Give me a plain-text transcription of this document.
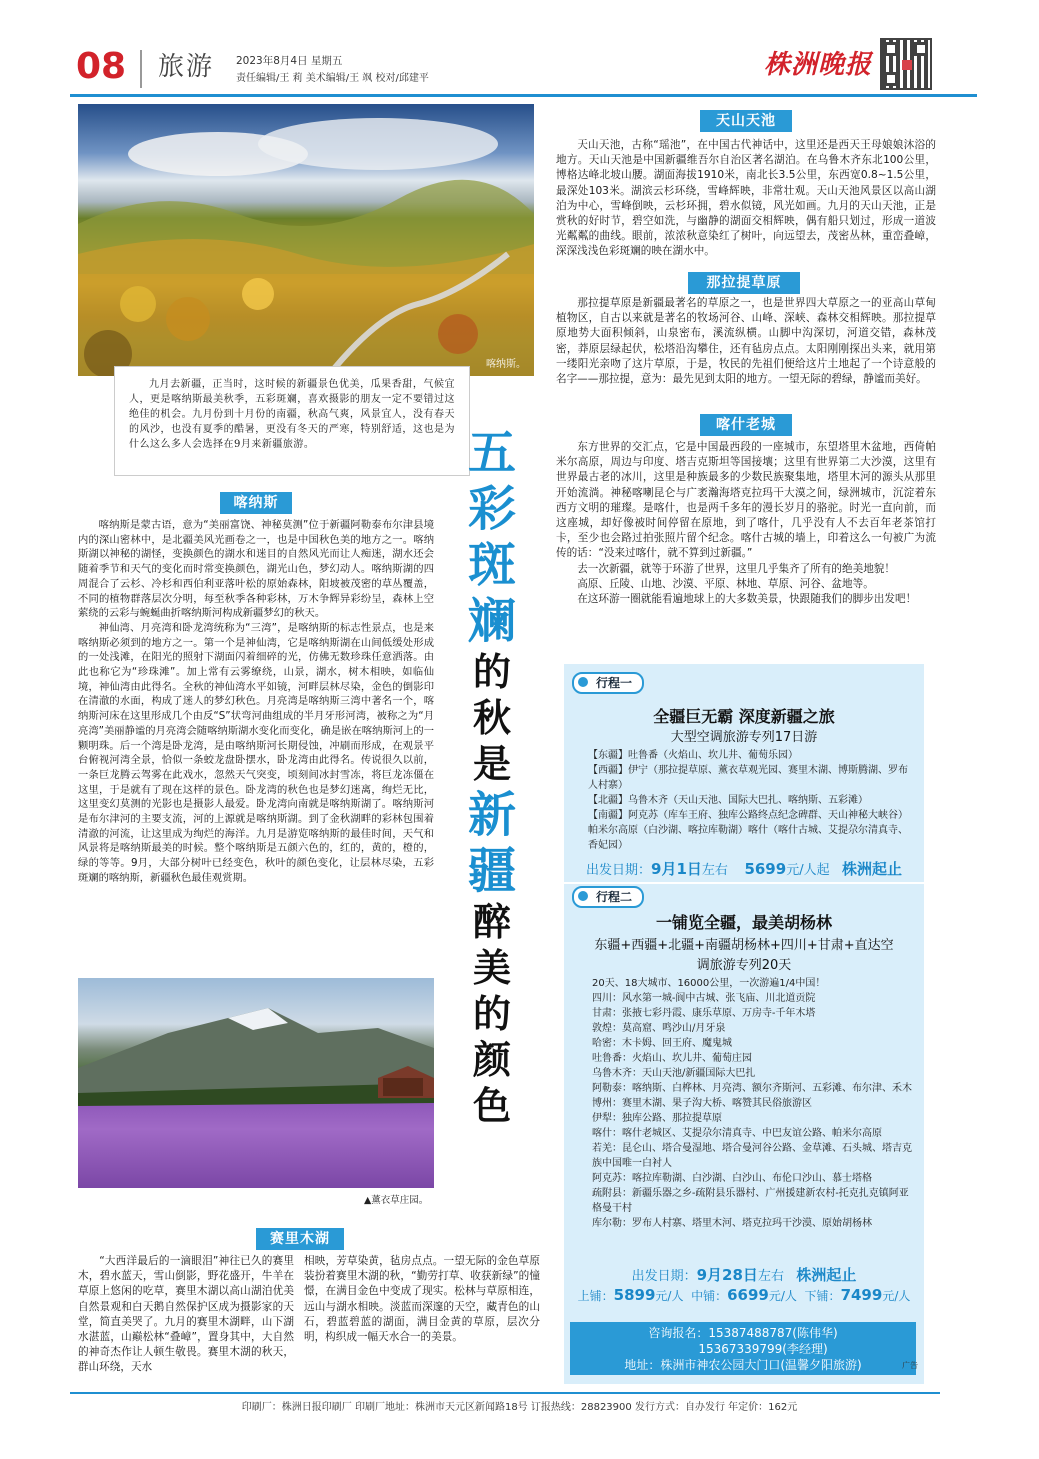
08 旅游 2023年8月4日 星期五
责任编辑/王 莉 美术编辑/王 飒 校对/邱建平	株洲晚报
喀纳斯。

九月去新疆，正当时，这时候的新疆景色优美，瓜果香甜，气候宜人，更是喀纳斯最美秋季，五彩斑斓，喜欢摄影的朋友一定不要错过这绝佳的机会。九月份到十月份的南疆，秋高气爽，风景宜人，没有春天的风沙，也没有夏季的酷暑，更没有冬天的严寒，特别舒适，这也是为什么这么多人会选择在9月来新疆旅游。

喀纳斯

喀纳斯是蒙古语，意为“美丽富饶、神秘莫测”位于新疆阿勒泰布尔津县境内的深山密林中，是北疆美风光画卷之一，也是中国秋色美的地方之一。喀纳斯湖以神秘的湖怪，变换颜色的湖水和迷目的自然风光而让人痴迷，湖水还会随着季节和天气的变化而时常变换颜色，湖光山色，梦幻动人。喀纳斯湖的四周混合了云杉、冷杉和西伯利亚落叶松的原始森林，阳坡被茂密的草丛覆盖，不同的植物群落层次分明，每至秋季各种彩林，万木争辉异彩纷呈，森林上空萦绕的云彩与蜿蜒曲折喀纳斯河构成新疆梦幻的秋天。

神仙湾、月亮湾和卧龙湾统称为“三湾”，是喀纳斯的标志性景点，也是来喀纳斯必须到的地方之一。第一个是神仙湾，它是喀纳斯湖在山间低缓处形成的一处浅滩，在阳光的照射下湖面闪着细碎的光，仿佛无数珍珠任意洒落。由此也称它为“珍珠滩”。加上常有云雾缭绕，山景，湖水，树木相映，如临仙境，神仙湾由此得名。全秋的神仙湾水平如镜，河畔层林尽染，金色的倒影印在清澈的水面，构成了迷人的梦幻秋色。月亮湾是喀纳斯三湾中著名一个，喀纳斯河床在这里形成几个由反“S”状弯河曲组成的半月牙形河湾，被称之为“月亮湾”美丽静谧的月亮湾会随喀纳斯湖水变化而变化，确是嵌在喀纳斯河上的一颗明珠。后一个湾是卧龙湾，是由喀纳斯河长期侵蚀，冲刷而形成，在观景平台俯视河湾全景，恰似一条蛟龙盘卧摆水，卧龙湾由此得名。传说很久以前，一条巨龙腾云驾雾在此戏水，忽然天气突变，顷刻间冰封雪冻，将巨龙冻僵在这里，于是就有了现在这样的景色。卧龙湾的秋色也是梦幻迷离，绚烂无比，这里变幻莫测的光影也是摄影人最爱。卧龙湾向南就是喀纳斯湖了。喀纳斯河是布尔津河的主要支流，河的上源就是喀纳斯湖。到了金秋湖畔的彩林包围着清澈的河流，让这里成为绚烂的海洋。九月是游览喀纳斯的最佳时间，天气和风景将是喀纳斯最美的时候。整个喀纳斯是五颜六色的，红的，黄的，橙的，绿的等等。9月，大部分树叶已经变色，秋叶的颜色变化，让层林尽染，五彩斑斓的喀纳斯，新疆秋色最佳观赏期。

▲薰衣草庄园。
赛里木湖

“大西洋最后的一滴眼泪”神往已久的赛里木，碧水蓝天，雪山倒影，野花盛开，牛羊在草原上悠闲的吃草，赛里木湖以高山湖泊优美自然景观和白天鹅自然保护区成为摄影家的天堂，简直美哭了。九月的赛里木湖畔，山下湖水湛蓝，山巅松林“叠嶂”，置身其中，大自然的神奇杰作让人顿生敬畏。赛里木湖的秋天，群山环绕，天水

相映，芳草染黄，毡房点点。一望无际的金色草原装扮着赛里木湖的秋，“勤劳打草、收获新绿”的憧憬，在满目金色中变成了现实。松林与草原相连，远山与湖水相映。淡蓝而深邃的天空，藏青色的山石，碧蓝碧蓝的湖面，满目金黄的草原，层次分明，构织成一幅天水合一的美景。

五
彩
斑
斓
的
秋
是
新
疆
醉
美
的
颜
色
天山天池

天山天池，古称“瑶池”，在中国古代神话中，这里还是西天王母娘娘沐浴的地方。天山天池是中国新疆维吾尔自治区著名湖泊。在乌鲁木齐东北100公里，博格达峰北坡山腰。湖面海拔1910米，南北长3.5公里，东西宽0.8~1.5公里，最深处103米。湖滨云杉环绕，雪峰辉映，非常壮观。天山天池风景区以高山湖泊为中心，雪峰倒映，云杉环拥，碧水似镜，风光如画。九月的天山天池，正是赏秋的好时节，碧空如洗，与幽静的湖面交相辉映，偶有船只划过，形成一道波光粼粼的曲线。眼前，浓浓秋意染红了树叶，向远望去，茂密丛林，重峦叠嶂，深深浅浅色彩斑斓的映在湖水中。

那拉提草原

那拉提草原是新疆最著名的草原之一，也是世界四大草原之一的亚高山草甸植物区，自古以来就是著名的牧场河谷、山峰、深峡、森林交相辉映。那拉提草原地势大面积倾斜，山泉密布，溪流纵横。山脚中沟深切，河道交错，森林茂密，莽原层绿起伏，松塔沿沟攀住，还有毡房点点。太阳刚刚探出头来，就用第一缕阳光亲吻了这片草原，于是，牧民的先祖们便给这片土地起了一个诗意般的名字——那拉提，意为：最先见到太阳的地方。一望无际的碧绿，静谧而美好。

喀什老城

东方世界的交汇点，它是中国最西段的一座城市，东望塔里木盆地，西倚帕米尔高原，周边与印度、塔吉克斯坦等国接壤；这里有世界第二大沙漠，这里有世界最古老的冰川，这里是种族最多的少数民族聚集地，塔里木河的源头从那里开始流淌。神秘喀喇昆仑与广袤瀚海塔克拉玛干大漠之间，绿洲城市，沉淀着东西方文明的璀璨。是喀什，也是两千多年的漫长岁月的骆驼。时光一直向前，而这座城，却好像被时间停留在原地，到了喀什，几乎没有人不去百年老茶馆打卡，至少也会路过拍张照片留个纪念。喀什古城的墙上，印着这么一句被广为流传的话：“没来过喀什，就不算到过新疆。”

去一次新疆，就等于环游了世界，这里几乎集齐了所有的绝美地貌！

高原、丘陵、山地、沙漠、平原、林地、草原、河谷、盆地等。

在这环游一圈就能看遍地球上的大多数美景，快跟随我们的脚步出发吧！

行程一
全疆巨无霸 深度新疆之旅
大型空调旅游专列17日游

【东疆】吐鲁番（火焰山、坎儿井、葡萄乐园）

【西疆】伊宁（那拉提草原、薰衣草观光园、赛里木湖、博斯腾湖、罗布人村寨）

【北疆】乌鲁木齐（天山天池、国际大巴扎、喀纳斯、五彩滩）

【南疆】阿克苏（库车王府、独库公路终点纪念碑群、天山神秘大峡谷）帕米尔高原（白沙湖、喀拉库勒湖）喀什（喀什古城、艾提尕尔清真寺、香妃园）

出发日期：9月1日左右 5699元/人起 株洲起止
行程二
一铺览全疆，最美胡杨林
东疆+西疆+北疆+南疆胡杨林+四川+甘肃+直达空
调旅游专列20天

20天、18大城市、16000公里，一次游遍1/4中国！

四川：风水第一城-阆中古城、张飞庙、川北道贡院

甘肃：张掖七彩丹霞、康乐草原、万房寺-千年木塔

敦煌：莫高窟、鸣沙山/月牙泉

哈密：木卡姆、回王府、魔鬼城

吐鲁番：火焰山、坎儿井、葡萄庄园

乌鲁木齐：天山天池/新疆国际大巴扎

阿勒泰：喀纳斯、白桦林、月亮湾、额尔齐斯河、五彩滩、布尔津、禾木

博州：赛里木湖、果子沟大桥、喀赞其民俗旅游区

伊犁：独库公路、那拉提草原

喀什：喀什老城区、艾提尕尔清真寺、中巴友谊公路、帕米尔高原

若羌：昆仑山、塔合曼湿地、塔合曼河谷公路、金草滩、石头城、塔吉克族中国唯一白衬人

阿克苏：喀拉库勒湖、白沙湖、白沙山、布伦口沙山、慕士塔格

疏附县：新疆乐器之乡-疏附县乐器村、广州援建新农村-托克扎克镇阿亚格曼干村

库尔勒：罗布人村寨、塔里木河、塔克拉玛干沙漠、原始胡杨林

出发日期：9月28日左右 株洲起止
上铺：5899元/人 中铺：6699元/人 下铺：7499元/人
咨询报名：15387488787(陈伟华)
15367339799(李经理)
地址：株洲市神农公园大门口(温馨夕阳旅游)	广告
印刷厂：株洲日报印刷厂 印刷厂地址：株洲市天元区新闻路18号 订报热线：28823900 发行方式：自办发行 年定价：162元
